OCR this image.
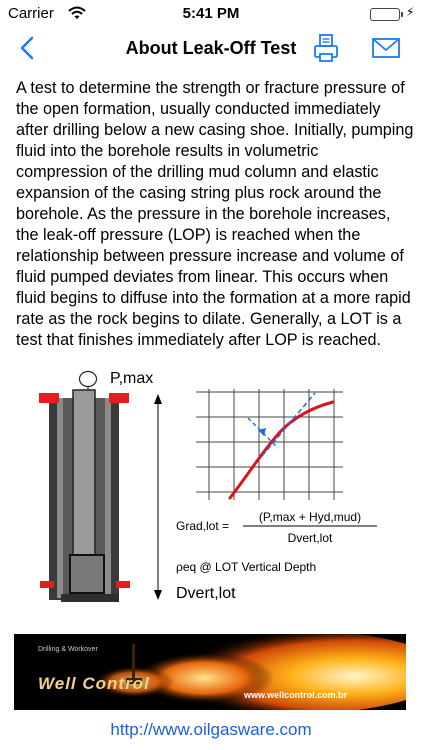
Carrier	5:41 PM	⚡
About Leak-Off Test

A test to determine the strength or fracture pressure of the open formation, usually conducted immediately after drilling below a new casing shoe. Initially, pumping fluid into the borehole results in volumetric compression of the drilling mud column and elastic expansion of the casing string plus rock around the borehole. As the pressure in the borehole increases, the leak-off pressure (LOP) is reached when the relationship between pressure increase and volume of fluid pumped deviates from linear. This occurs when fluid begins to diffuse into the formation at a more rapid rate as the rock begins to dilate. Generally, a LOT is a test that finishes immediately after LOP is reached.

P,max
Grad,lot =
(P,max + Hyd,mud)
Dvert,lot
ρeq @ LOT Vertical Depth
Dvert,lot
Drilling & Workover
Well Control
www.wellcontrol.com.br
http://www.oilgasware.com
